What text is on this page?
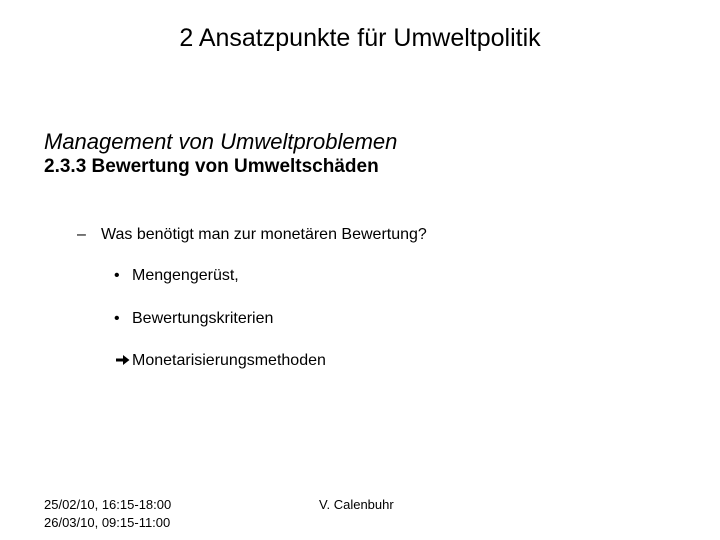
2 Ansatzpunkte für Umweltpolitik
Management von Umweltproblemen
2.3.3 Bewertung von Umweltschäden
– Was benötigt man zur monetären Bewertung?
• Mengengerüst,
• Bewertungskriterien
Monetarisierungsmethoden
25/02/10, 16:15-18:00
26/03/10, 09:15-11:00
V. Calenbuhr
